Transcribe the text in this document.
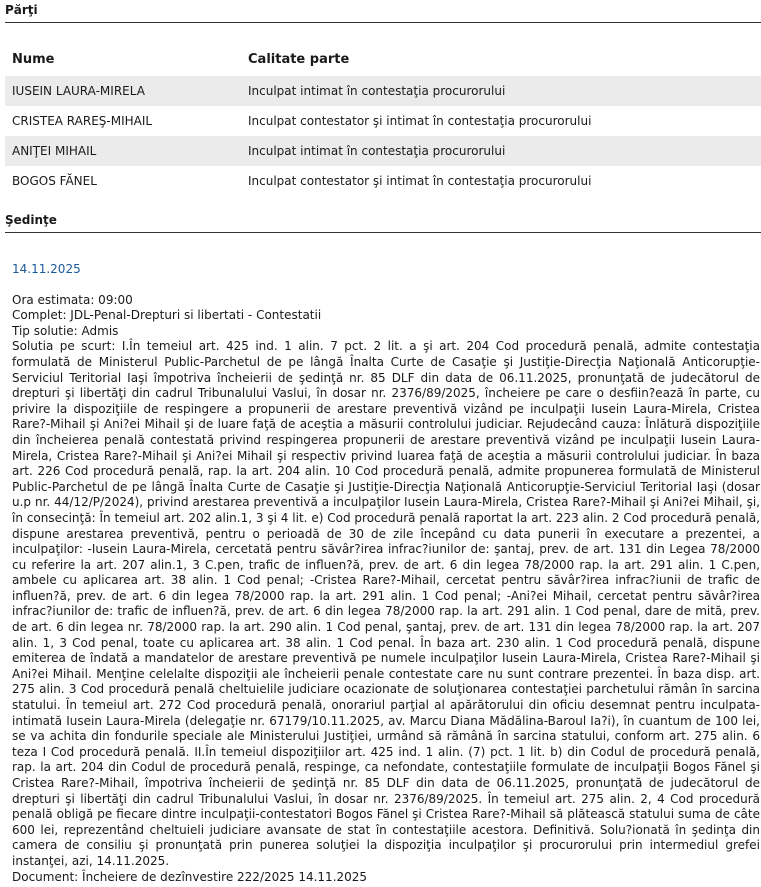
Părţi
Nume	Calitate parte
IUSEIN LAURA-MIRELA	Inculpat intimat în contestaţia procurorului
CRISTEA RAREŞ-MIHAIL	Inculpat contestator şi intimat în contestaţia procurorului
ANIŢEI MIHAIL	Inculpat intimat în contestaţia procurorului
BOGOS FĂNEL	Inculpat contestator şi intimat în contestaţia procurorului
Şedinţe
14.11.2025
Ora estimata: 09:00
Complet: JDL-Penal-Drepturi si libertati - Contestatii
Tip solutie: Admis
Solutia pe scurt: I.În temeiul art. 425 ind. 1 alin. 7 pct. 2 lit. a şi art. 204 Cod procedură penală, admite contestaţia formulată de Ministerul Public-Parchetul de pe lângă Înalta Curte de Casaţie şi Justiţie-Direcţia Naţională Anticorupţie-Serviciul Teritorial Iaşi împotriva încheierii de şedinţă nr. 85 DLF din data de 06.11.2025, pronunţată de judecătorul de drepturi şi libertăţi din cadrul Tribunalului Vaslui, în dosar nr. 2376/89/2025, încheiere pe care o desfiin?ează în parte, cu privire la dispoziţiile de respingere a propunerii de arestare preventivă vizând pe inculpaţii Iusein Laura-Mirela, Cristea Rare?-Mihail şi Ani?ei Mihail şi de luare faţă de aceştia a măsurii controlului judiciar. Rejudecând cauza: Înlătură dispoziţiile din încheierea penală contestată privind respingerea propunerii de arestare preventivă vizând pe inculpaţii Iusein Laura-Mirela, Cristea Rare?-Mihail şi Ani?ei Mihail şi respectiv privind luarea faţă de aceştia a măsurii controlului judiciar. În baza art. 226 Cod procedură penală, rap. la art. 204 alin. 10 Cod procedură penală, admite propunerea formulată de Ministerul Public-Parchetul de pe lângă Înalta Curte de Casaţie şi Justiţie-Direcţia Naţională Anticorupţie-Serviciul Teritorial Iaşi (dosar u.p nr. 44/12/P/2024), privind arestarea preventivă a inculpaţilor Iusein Laura-Mirela, Cristea Rare?-Mihail şi Ani?ei Mihail, şi, în consecinţă: În temeiul art. 202 alin.1, 3 şi 4 lit. e) Cod procedură penală raportat la art. 223 alin. 2 Cod procedură penală, dispune arestarea preventivă, pentru o perioadă de 30 de zile începând cu data punerii în executare a prezentei, a inculpaţilor: -Iusein Laura-Mirela, cercetată pentru săvâr?irea infrac?iunilor de: şantaj, prev. de art. 131 din Legea 78/2000 cu referire la art. 207 alin.1, 3 C.pen, trafic de influen?ă, prev. de art. 6 din legea 78/2000 rap. la art. 291 alin. 1 C.pen, ambele cu aplicarea art. 38 alin. 1 Cod penal; -Cristea Rare?-Mihail, cercetat pentru săvâr?irea infrac?iunii de trafic de influen?ă, prev. de art. 6 din legea 78/2000 rap. la art. 291 alin. 1 Cod penal; -Ani?ei Mihail, cercetat pentru săvâr?irea infrac?iunilor de: trafic de influen?ă, prev. de art. 6 din legea 78/2000 rap. la art. 291 alin. 1 Cod penal, dare de mită, prev. de art. 6 din legea nr. 78/2000 rap. la art. 290 alin. 1 Cod penal, şantaj, prev. de art. 131 din legea 78/2000 rap. la art. 207 alin. 1, 3 Cod penal, toate cu aplicarea art. 38 alin. 1 Cod penal. În baza art. 230 alin. 1 Cod procedură penală, dispune emiterea de îndată a mandatelor de arestare preventivă pe numele inculpaţilor Iusein Laura-Mirela, Cristea Rare?-Mihail şi Ani?ei Mihail. Menţine celelalte dispoziţii ale încheierii penale contestate care nu sunt contrare prezentei. În baza disp. art. 275 alin. 3 Cod procedură penală cheltuielile judiciare ocazionate de soluţionarea contestaţiei parchetului rămân în sarcina statului. În temeiul art. 272 Cod procedură penală, onorariul parţial al apărătorului din oficiu desemnat pentru inculpata-intimată Iusein Laura-Mirela (delegaţie nr. 67179/10.11.2025, av. Marcu Diana Mădălina-Baroul Ia?i), în cuantum de 100 lei, se va achita din fondurile speciale ale Ministerului Justiţiei, urmând să rămână în sarcina statului, conform art. 275 alin. 6 teza I Cod procedură penală. II.În temeiul dispoziţiilor art. 425 ind. 1 alin. (7) pct. 1 lit. b) din Codul de procedură penală, rap. la art. 204 din Codul de procedură penală, respinge, ca nefondate, contestaţiile formulate de inculpaţii Bogos Fănel şi Cristea Rare?-Mihail, împotriva încheierii de şedinţă nr. 85 DLF din data de 06.11.2025, pronunţată de judecătorul de drepturi şi libertăţi din cadrul Tribunalului Vaslui, în dosar nr. 2376/89/2025. În temeiul art. 275 alin. 2, 4 Cod procedură penală obligă pe fiecare dintre inculpaţii-contestatori Bogos Fănel şi Cristea Rare?-Mihail să plătească statului suma de câte 600 lei, reprezentând cheltuieli judiciare avansate de stat în contestaţiile acestora. Definitivă. Solu?ionată în şedinţa din camera de consiliu şi pronunţată prin punerea soluţiei la dispoziţia inculpaţilor şi procurorului prin intermediul grefei instanţei, azi, 14.11.2025.
Document: Încheiere de dezînvestire 222/2025 14.11.2025
